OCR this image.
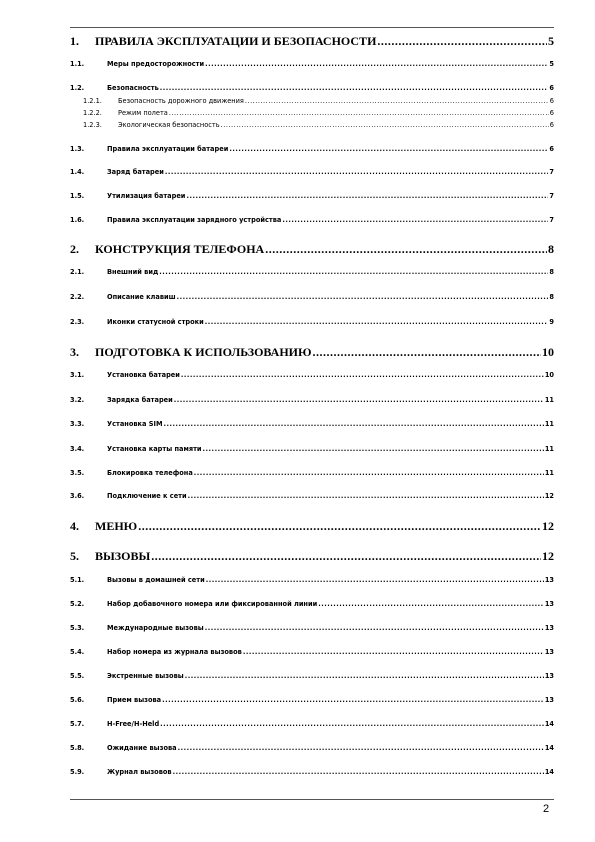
1.	ПРАВИЛА ЭКСПЛУАТАЦИИ И БЕЗОПАСНОСТИ .....	5
1.1.	Меры предосторожности .....	5
1.2.	Безопасность .....	6
1.2.1.	Безопасность дорожного движения .....	6
1.2.2.	Режим полета .....	6
1.2.3.	Экологическая безопасность .....	6
1.3.	Правила эксплуатации батареи .....	6
1.4.	Заряд батареи .....	7
1.5.	Утилизация батареи .....	7
1.6.	Правила эксплуатации зарядного устройства .....	7
2.	КОНСТРУКЦИЯ ТЕЛЕФОНА .....	8
2.1.	Внешний вид .....	8
2.2.	Описание клавиш .....	8
2.3.	Иконки статусной строки .....	9
3.	ПОДГОТОВКА К ИСПОЛЬЗОВАНИЮ .....	10
3.1.	Установка батареи .....	10
3.2.	Зарядка батареи .....	11
3.3.	Установка SIM .....	11
3.4.	Установка карты памяти .....	11
3.5.	Блокировка телефона .....	11
3.6.	Подключение к сети .....	12
4.	МЕНЮ .....	12
5.	ВЫЗОВЫ .....	12
5.1.	Вызовы в домашней сети .....	13
5.2.	Набор добавочного номера или фиксированной линии .....	13
5.3.	Международные вызовы .....	13
5.4.	Набор номера из журнала вызовов .....	13
5.5.	Экстренные вызовы .....	13
5.6.	Прием вызова .....	13
5.7.	H-Free/H-Held .....	14
5.8.	Ожидание вызова .....	14
5.9.	Журнал вызовов .....	14
2
